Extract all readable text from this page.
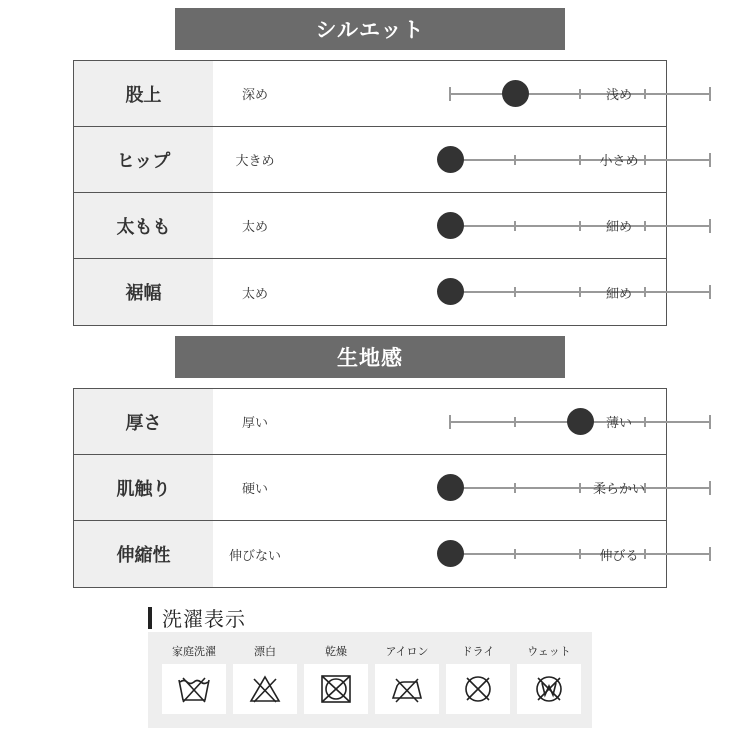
シルエット
股上	深め	浅め
ヒップ	大きめ	小さめ
太もも	太め	細め
裾幅	太め	細め
生地感
厚さ	厚い	薄い
肌触り	硬い	柔らかい
伸縮性	伸びない	伸びる
洗濯表示
家庭洗濯	漂白	乾燥	アイロン	ドライ	ウェット
